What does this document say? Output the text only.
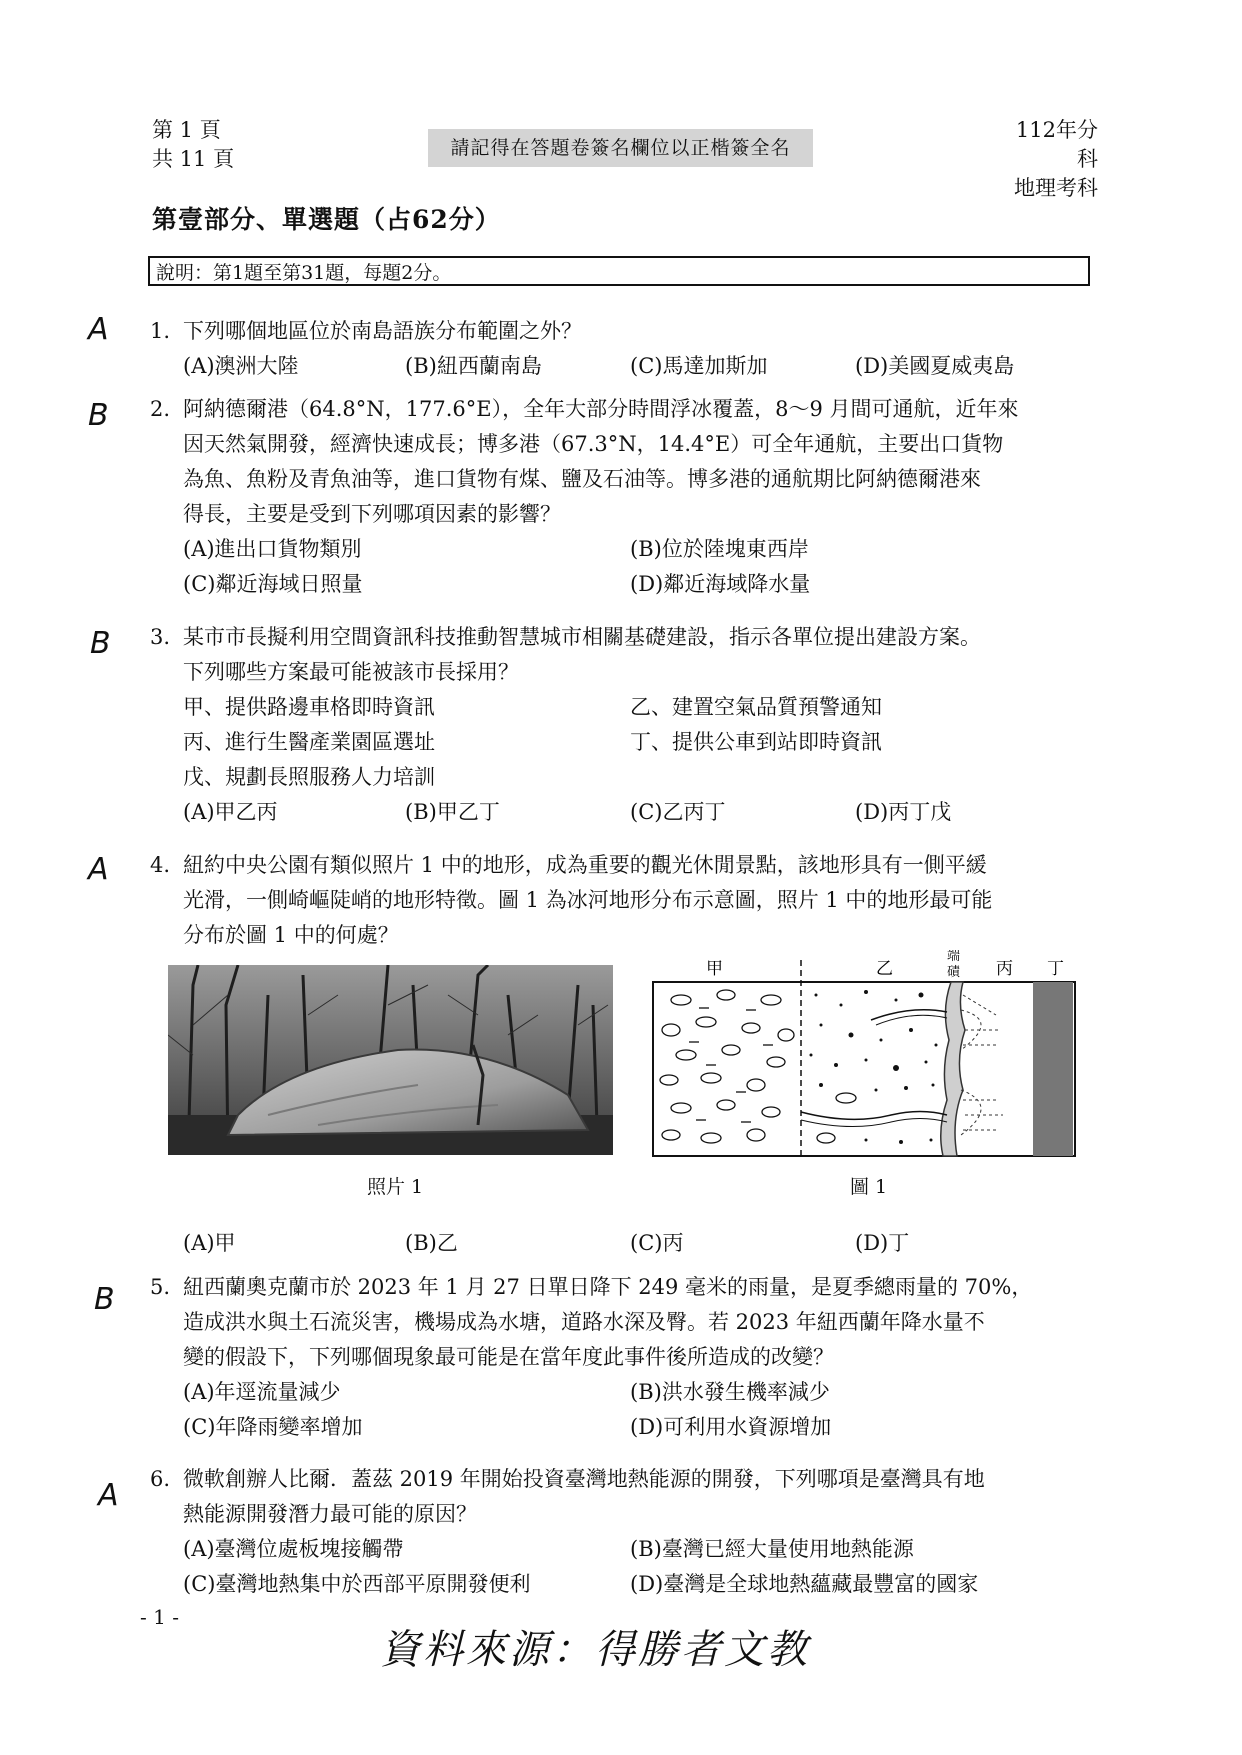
第 1 頁
共 11 頁	請記得在答題卷簽名欄位以正楷簽全名
112年分科
地理考科
第壹部分、單選題（占62分）
說明：第1題至第31題，每題2分。
A
B
B
A
B
A
1. 下列哪個地區位於南島語族分布範圍之外？
(A)澳洲大陸	(B)紐西蘭南島	(C)馬達加斯加	(D)美國夏威夷島
2. 阿納德爾港（64.8°N，177.6°E），全年大部分時間浮冰覆蓋，8～9 月間可通航，近年來
因天然氣開發，經濟快速成長；博多港（67.3°N，14.4°E）可全年通航，主要出口貨物
為魚、魚粉及青魚油等，進口貨物有煤、鹽及石油等。博多港的通航期比阿納德爾港來
得長，主要是受到下列哪項因素的影響？
(A)進出口貨物類別	(B)位於陸塊東西岸
(C)鄰近海域日照量	(D)鄰近海域降水量
3. 某市市長擬利用空間資訊科技推動智慧城市相關基礎建設，指示各單位提出建設方案。
下列哪些方案最可能被該市長採用？
甲、提供路邊車格即時資訊	乙、建置空氣品質預警通知
丙、進行生醫產業園區選址	丁、提供公車到站即時資訊
戊、規劃長照服務人力培訓
(A)甲乙丙	(B)甲乙丁	(C)乙丙丁	(D)丙丁戊
4. 紐約中央公園有類似照片 1 中的地形，成為重要的觀光休閒景點，該地形具有一側平緩
光滑，一側崎嶇陡峭的地形特徵。圖 1 為冰河地形分布示意圖，照片 1 中的地形最可能
分布於圖 1 中的何處？
照片 1
甲	乙
端
磧 丙 丁
圖 1
(A)甲	(B)乙	(C)丙	(D)丁
5. 紐西蘭奧克蘭市於 2023 年 1 月 27 日單日降下 249 毫米的雨量，是夏季總雨量的 70%，
造成洪水與土石流災害，機場成為水塘，道路水深及臀。若 2023 年紐西蘭年降水量不
變的假設下，下列哪個現象最可能是在當年度此事件後所造成的改變？
(A)年逕流量減少	(B)洪水發生機率減少
(C)年降雨變率增加	(D)可利用水資源增加
6. 微軟創辦人比爾．蓋茲 2019 年開始投資臺灣地熱能源的開發，下列哪項是臺灣具有地
熱能源開發潛力最可能的原因？
(A)臺灣位處板塊接觸帶	(B)臺灣已經大量使用地熱能源
(C)臺灣地熱集中於西部平原開發便利	(D)臺灣是全球地熱蘊藏最豐富的國家
- 1 -
資料來源：得勝者文教
